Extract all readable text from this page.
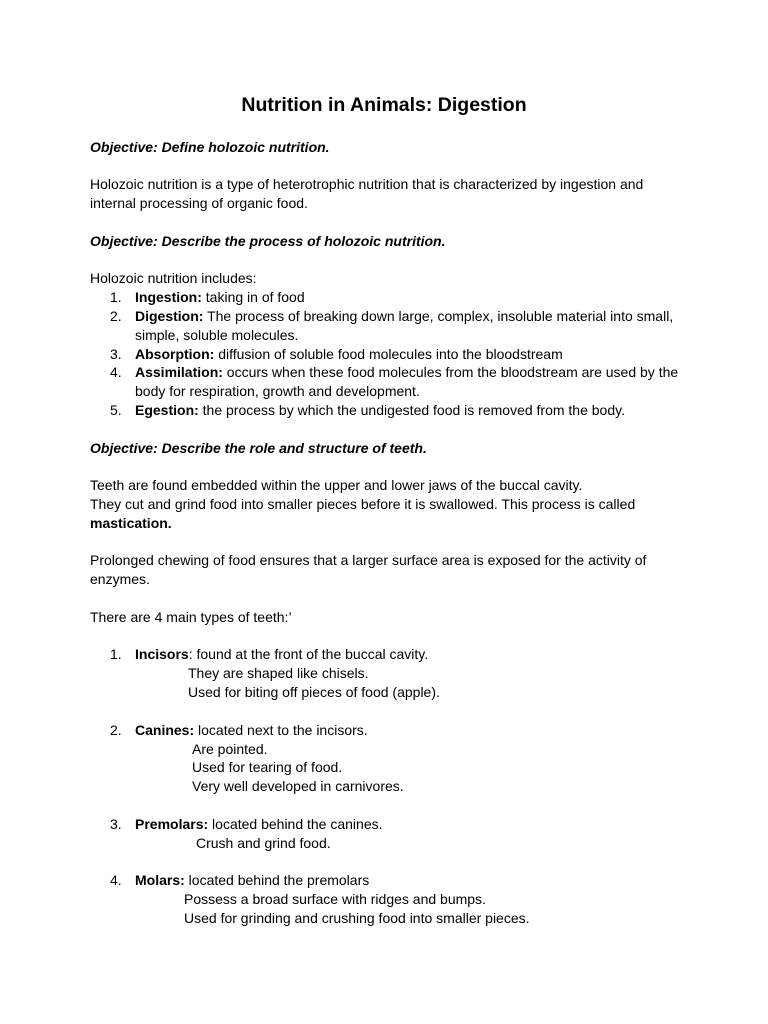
Nutrition in Animals: Digestion
Objective: Define holozoic nutrition.
Holozoic nutrition is a type of heterotrophic nutrition that is characterized by ingestion and
internal processing of organic food.
Objective: Describe the process of holozoic nutrition.
Holozoic nutrition includes:
1. Ingestion: taking in of food
2. Digestion: The process of breaking down large, complex, insoluble material into small,
simple, soluble molecules.
3. Absorption: diffusion of soluble food molecules into the bloodstream
4. Assimilation: occurs when these food molecules from the bloodstream are used by the
body for respiration, growth and development.
5. Egestion: the process by which the undigested food is removed from the body.
Objective: Describe the role and structure of teeth.
Teeth are found embedded within the upper and lower jaws of the buccal cavity.
They cut and grind food into smaller pieces before it is swallowed. This process is called
mastication.
Prolonged chewing of food ensures that a larger surface area is exposed for the activity of
enzymes.
There are 4 main types of teeth:’
1. Incisors: found at the front of the buccal cavity.
They are shaped like chisels.
Used for biting off pieces of food (apple).
2. Canines: located next to the incisors.
Are pointed.
Used for tearing of food.
Very well developed in carnivores.
3. Premolars: located behind the canines.
Crush and grind food.
4. Molars: located behind the premolars
Possess a broad surface with ridges and bumps.
Used for grinding and crushing food into smaller pieces.
